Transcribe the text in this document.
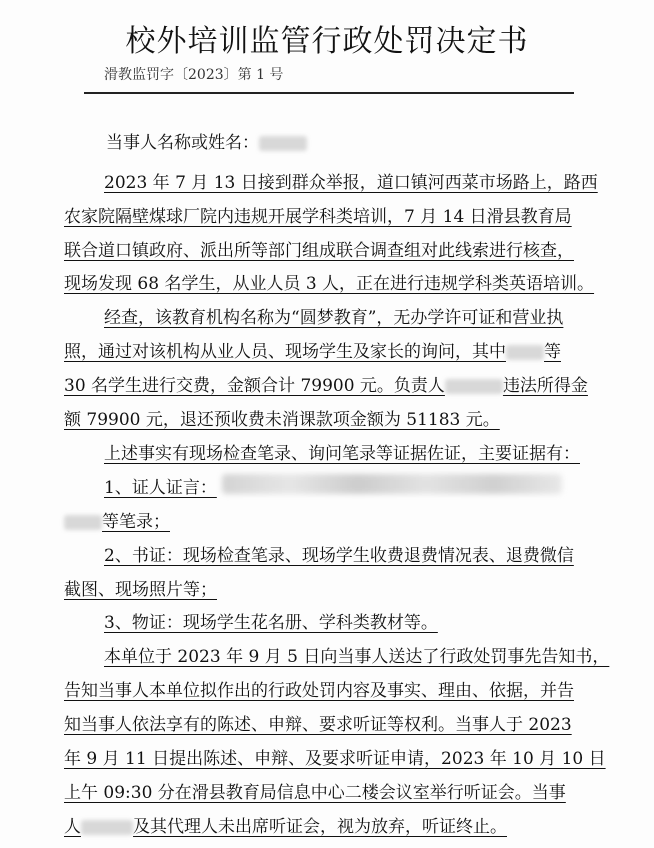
校外培训监管行政处罚决定书
滑教监罚字〔2023〕第 1 号
当事人名称或姓名：
2023 年 7 月 13 日接到群众举报，道口镇河西菜市场路上，路西
农家院隔壁煤球厂院内违规开展学科类培训，7 月 14 日滑县教育局
联合道口镇政府、派出所等部门组成联合调查组对此线索进行核查，
现场发现 68 名学生，从业人员 3 人，正在进行违规学科类英语培训。
经查，该教育机构名称为“圆梦教育”，无办学许可证和营业执
照，通过对该机构从业人员、现场学生及家长的询问，其中 等
30 名学生进行交费，金额合计 79900 元。负责人	违法所得金
额 79900 元，退还预收费未消课款项金额为 51183 元。
上述事实有现场检查笔录、询问笔录等证据佐证，主要证据有：
1、证人证言：
等笔录；
2、书证：现场检查笔录、现场学生收费退费情况表、退费微信
截图、现场照片等；
3、物证：现场学生花名册、学科类教材等。
本单位于 2023 年 9 月 5 日向当事人送达了行政处罚事先告知书，
告知当事人本单位拟作出的行政处罚内容及事实、理由、依据，并告
知当事人依法享有的陈述、申辩、要求听证等权利。当事人于 2023
年 9 月 11 日提出陈述、申辩、及要求听证申请，2023 年 10 月 10 日
上午 09:30 分在滑县教育局信息中心二楼会议室举行听证会。当事
人	及其代理人未出席听证会，视为放弃，听证终止。
